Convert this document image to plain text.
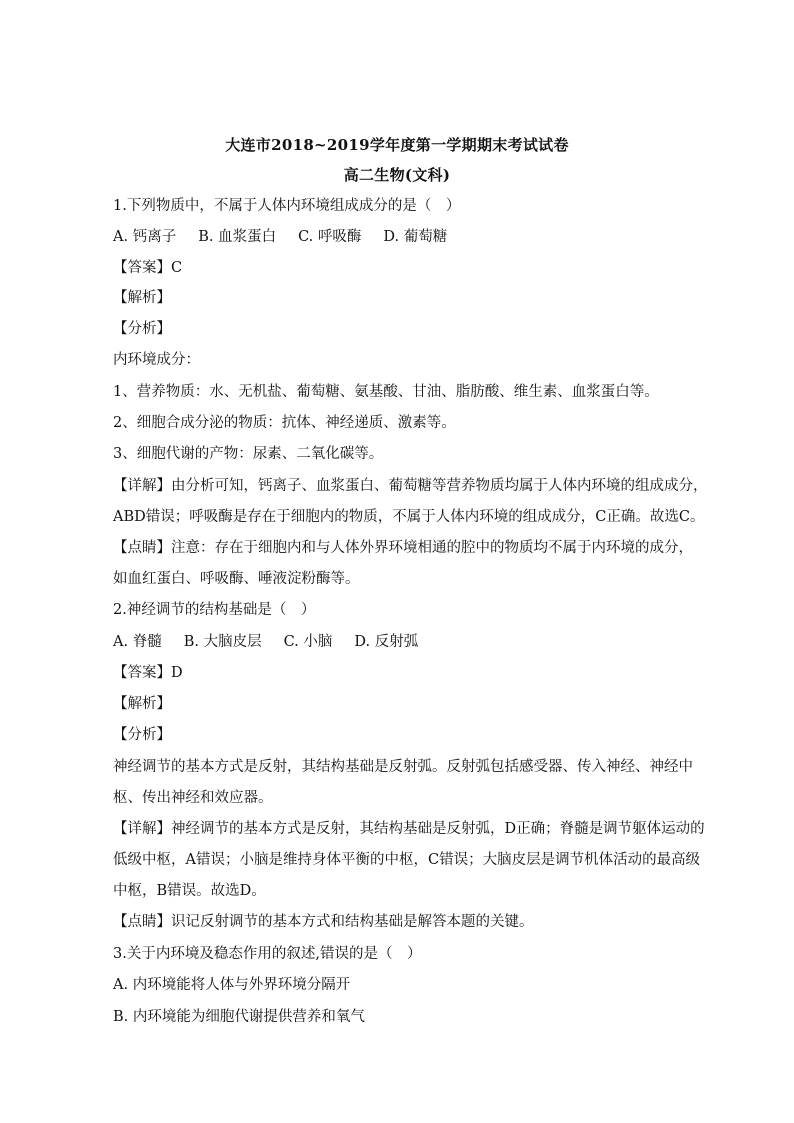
大连市2018~2019学年度第一学期期末考试试卷
高二生物(文科)
1.下列物质中，不属于人体内环境组成成分的是（　）
A. 钙离子 B. 血浆蛋白 C. 呼吸酶 D. 葡萄糖
【答案】C
【解析】
【分析】
内环境成分：
1、营养物质：水、无机盐、葡萄糖、氨基酸、甘油、脂肪酸、维生素、血浆蛋白等。
2、细胞合成分泌的物质：抗体、神经递质、激素等。
3、细胞代谢的产物：尿素、二氧化碳等。
【详解】由分析可知，钙离子、血浆蛋白、葡萄糖等营养物质均属于人体内环境的组成成分，
ABD错误；呼吸酶是存在于细胞内的物质，不属于人体内环境的组成成分，C正确。故选C。
【点睛】注意：存在于细胞内和与人体外界环境相通的腔中的物质均不属于内环境的成分，
如血红蛋白、呼吸酶、唾液淀粉酶等。
2.神经调节的结构基础是（　）
A. 脊髓 B. 大脑皮层 C. 小脑 D. 反射弧
【答案】D
【解析】
【分析】
神经调节的基本方式是反射，其结构基础是反射弧。反射弧包括感受器、传入神经、神经中
枢、传出神经和效应器。
【详解】神经调节的基本方式是反射，其结构基础是反射弧，D正确；脊髓是调节躯体运动的
低级中枢，A错误；小脑是维持身体平衡的中枢，C错误；大脑皮层是调节机体活动的最高级
中枢，B错误。故选D。
【点睛】识记反射调节的基本方式和结构基础是解答本题的关键。
3.关于内环境及稳态作用的叙述,错误的是（　）
A. 内环境能将人体与外界环境分隔开
B. 内环境能为细胞代谢提供营养和氧气
